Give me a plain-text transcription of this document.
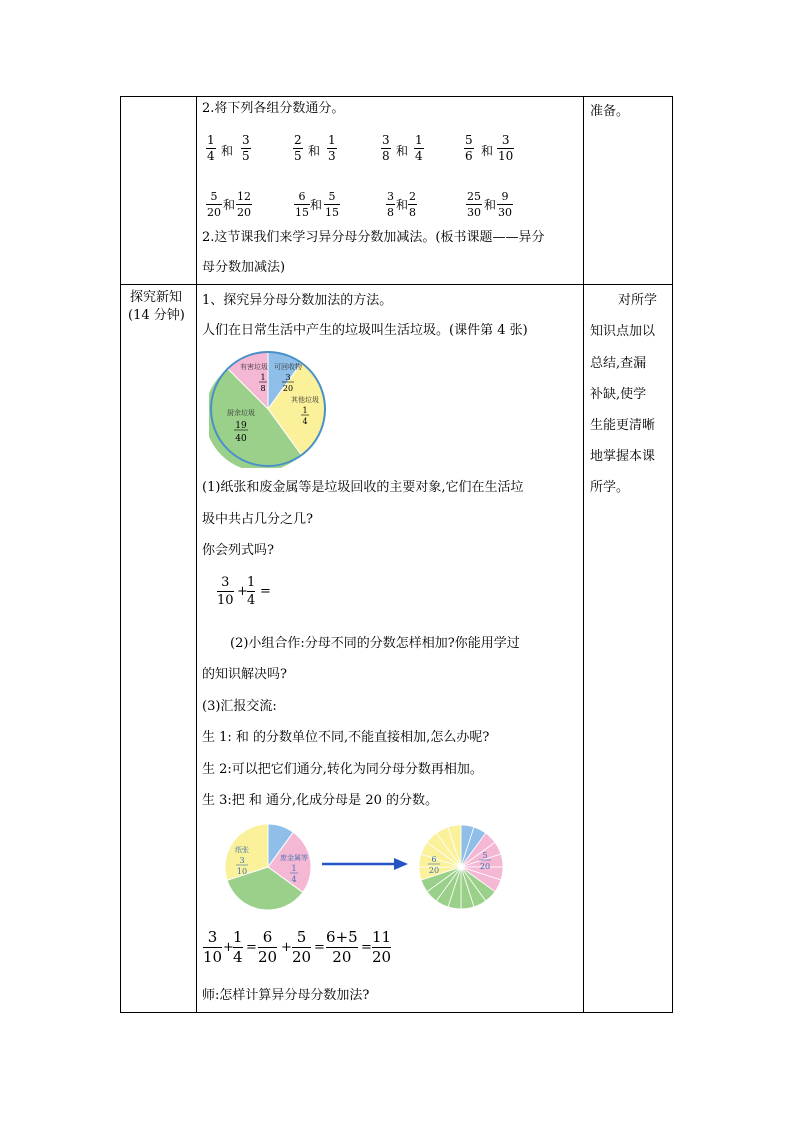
2.将下列各组分数通分。
1
4 和
3
5
2
5 和
1
3
3
8 和
1
4
5
6 和
3
10
5
20
和
12
20
6
15
和
5
15
3
8
和
2
8
25
30
和
9
30
2.这节课我们来学习异分母分数加减法。(板书课题——异分
母分数加减法)
准备。
探究新知
(14 分钟)
1、探究异分母分数加法的方法。
人们在日常生活中产生的垃圾叫生活垃圾。(课件第 4 张)
有害垃圾
1
8
可回收物
3
20
其他垃圾
1
4
厨余垃圾
19
40
(1)纸张和废金属等是垃圾回收的主要对象,它们在生活垃
圾中共占几分之几?
你会列式吗?
3
10
+
1
4
=
(2)小组合作:分母不同的分数怎样相加?你能用学过
的知识解决吗?
(3)汇报交流:
生 1: 和 的分数单位不同,不能直接相加,怎么办呢?
生 2:可以把它们通分,转化为同分母分数再相加。
生 3:把 和 通分,化成分母是 20 的分数。
纸张
3
10
废金属等
1
4
6
20
5
20
3
10
+
1
4
=
6
20
+
5
20
=
6+5
20
=
11
20
师:怎样计算异分母分数加法?
对所学
知识点加以
总结,查漏
补缺,使学
生能更清晰
地掌握本课
所学。
